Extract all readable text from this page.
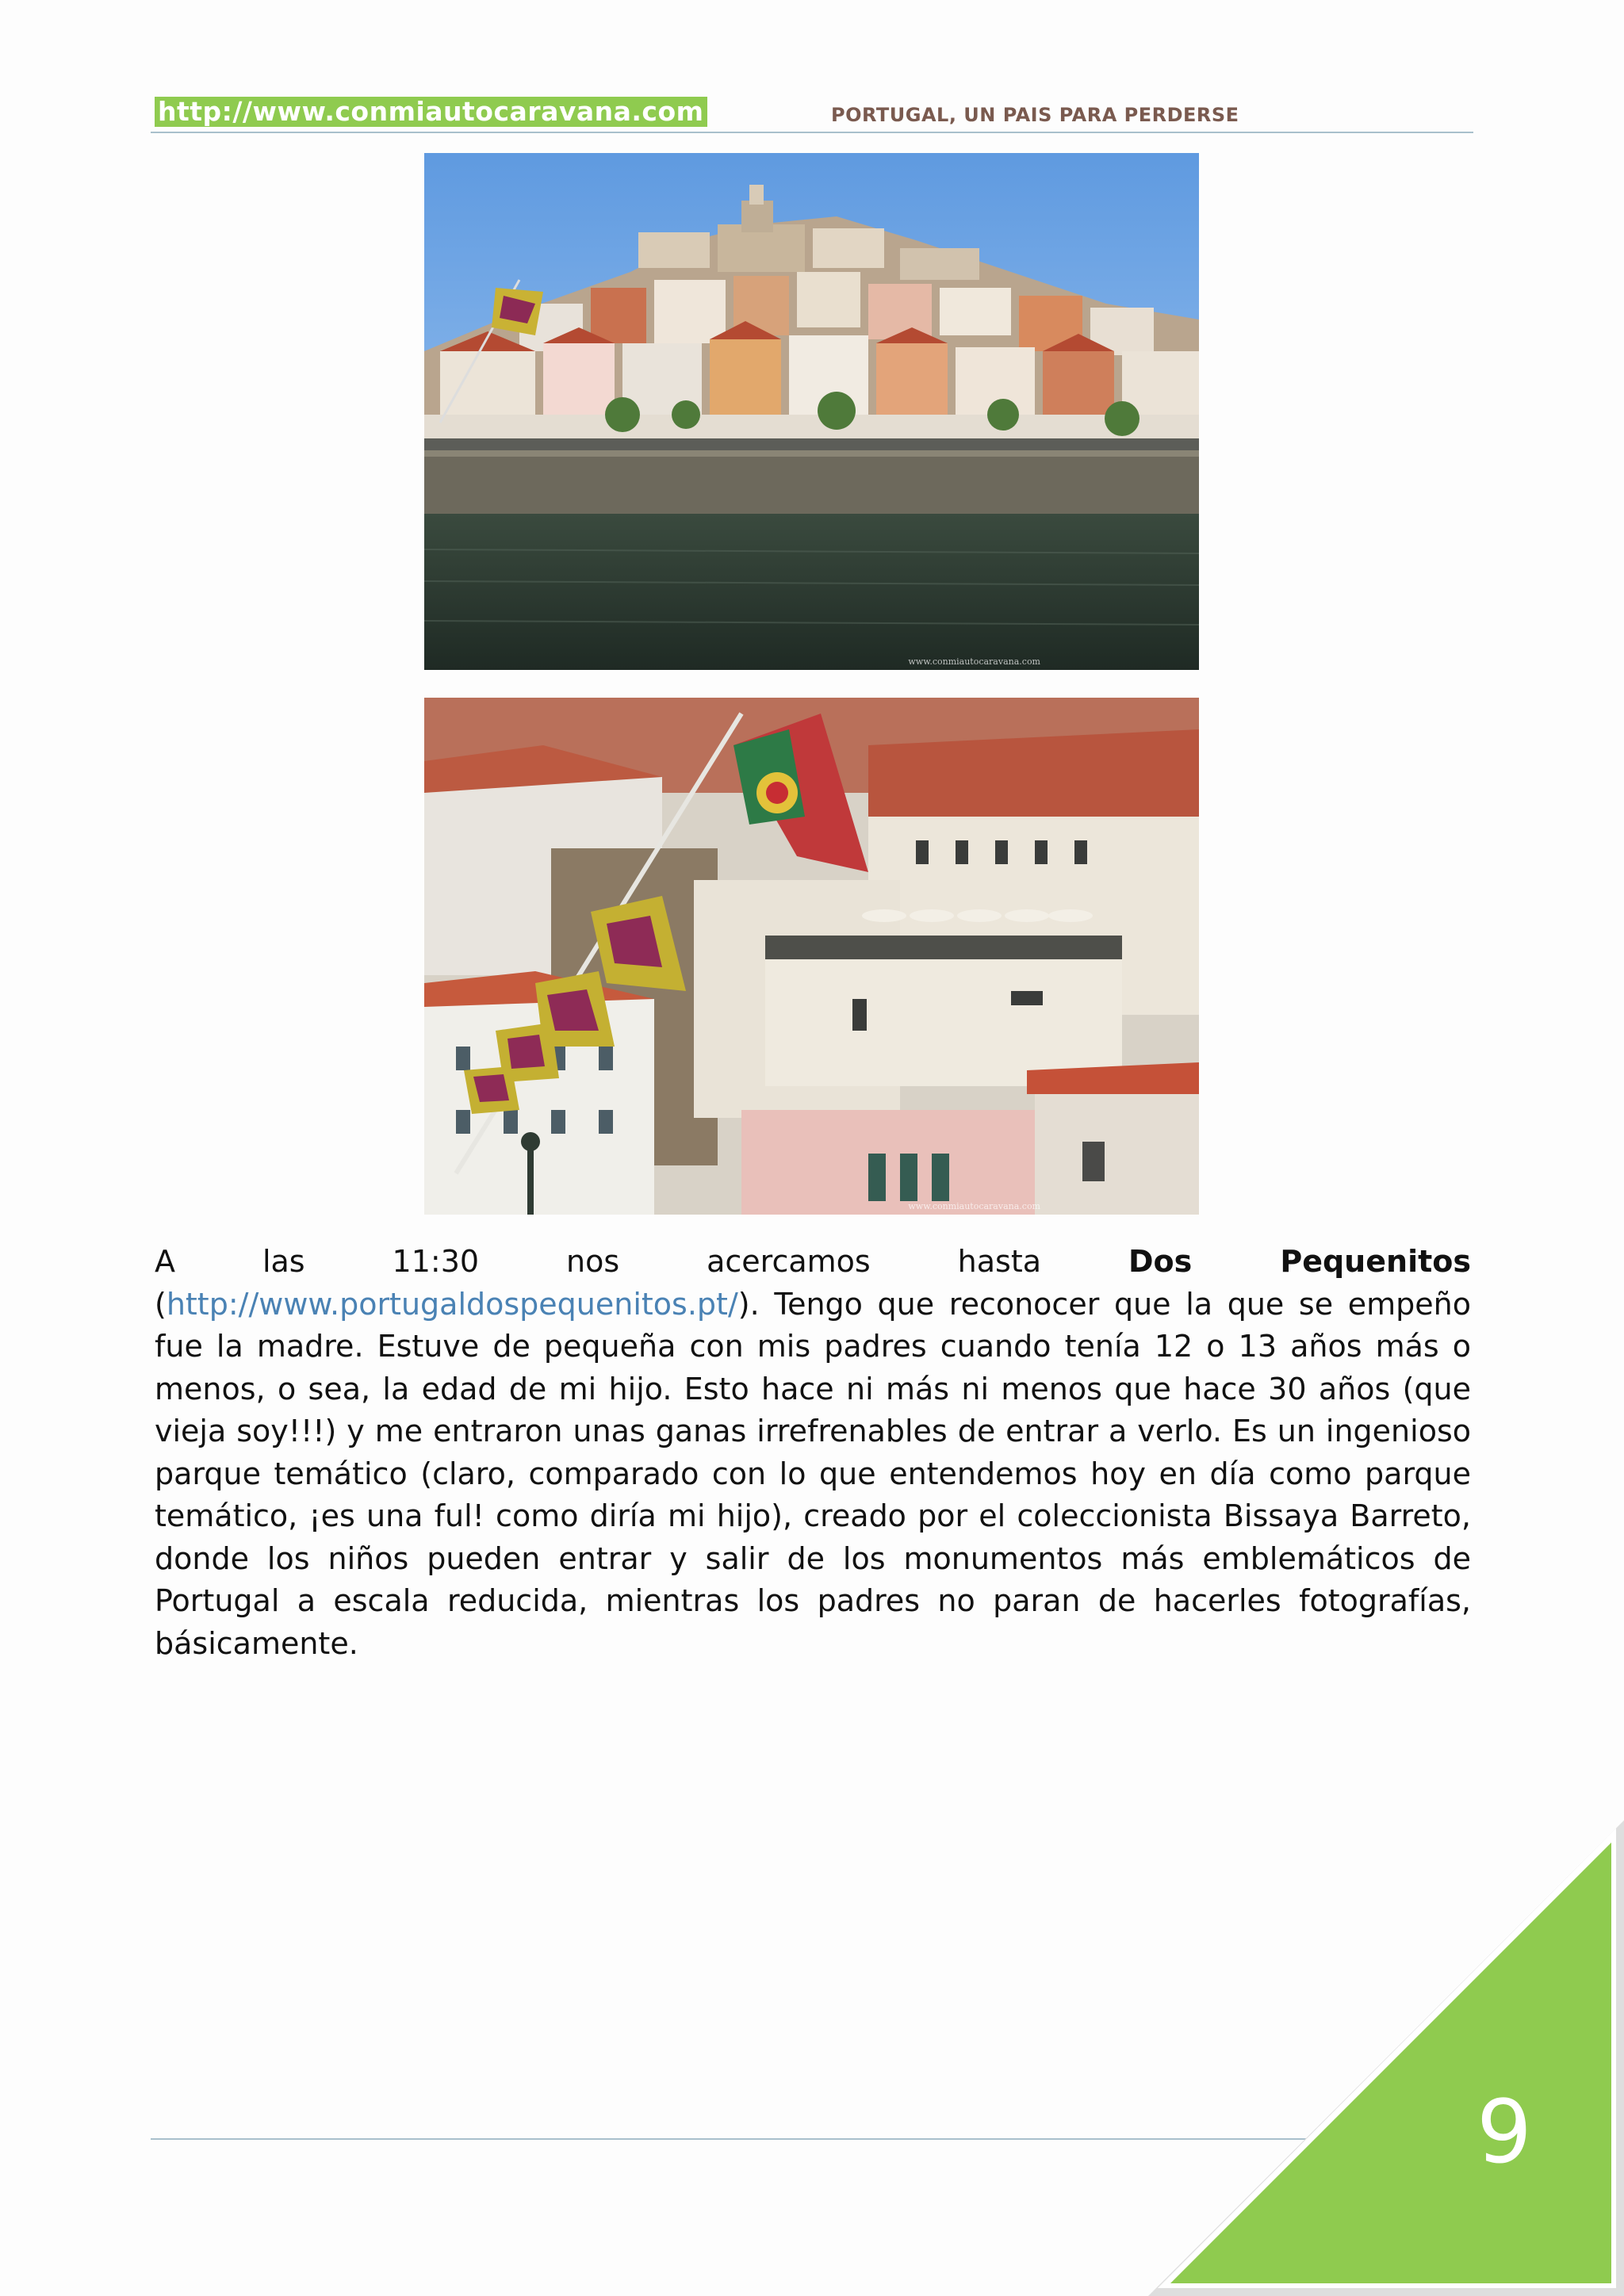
http://www.conmiautocaravana.com	PORTUGAL, UN PAIS PARA PERDERSE
www.conmiautocaravana.com
www.conmiautocaravana.com

A las 11:30 nos acercamos hasta Dos Pequenitos (http://www.portugaldospequenitos.pt/). Tengo que reconocer que la que se empeño fue la madre. Estuve de pequeña con mis padres cuando tenía 12 o 13 años más o menos, o sea, la edad de mi hijo. Esto hace ni más ni menos que hace 30 años (que vieja soy!!!) y me entraron unas ganas irrefrenables de entrar a verlo. Es un ingenioso parque temático (claro, comparado con lo que entendemos hoy en día como parque temático, ¡es una ful! como diría mi hijo), creado por el coleccionista Bissaya Barreto, donde los niños pueden entrar y salir de los monumentos más emblemáticos de Portugal a escala reducida, mientras los padres no paran de hacerles fotografías, básicamente.

9
